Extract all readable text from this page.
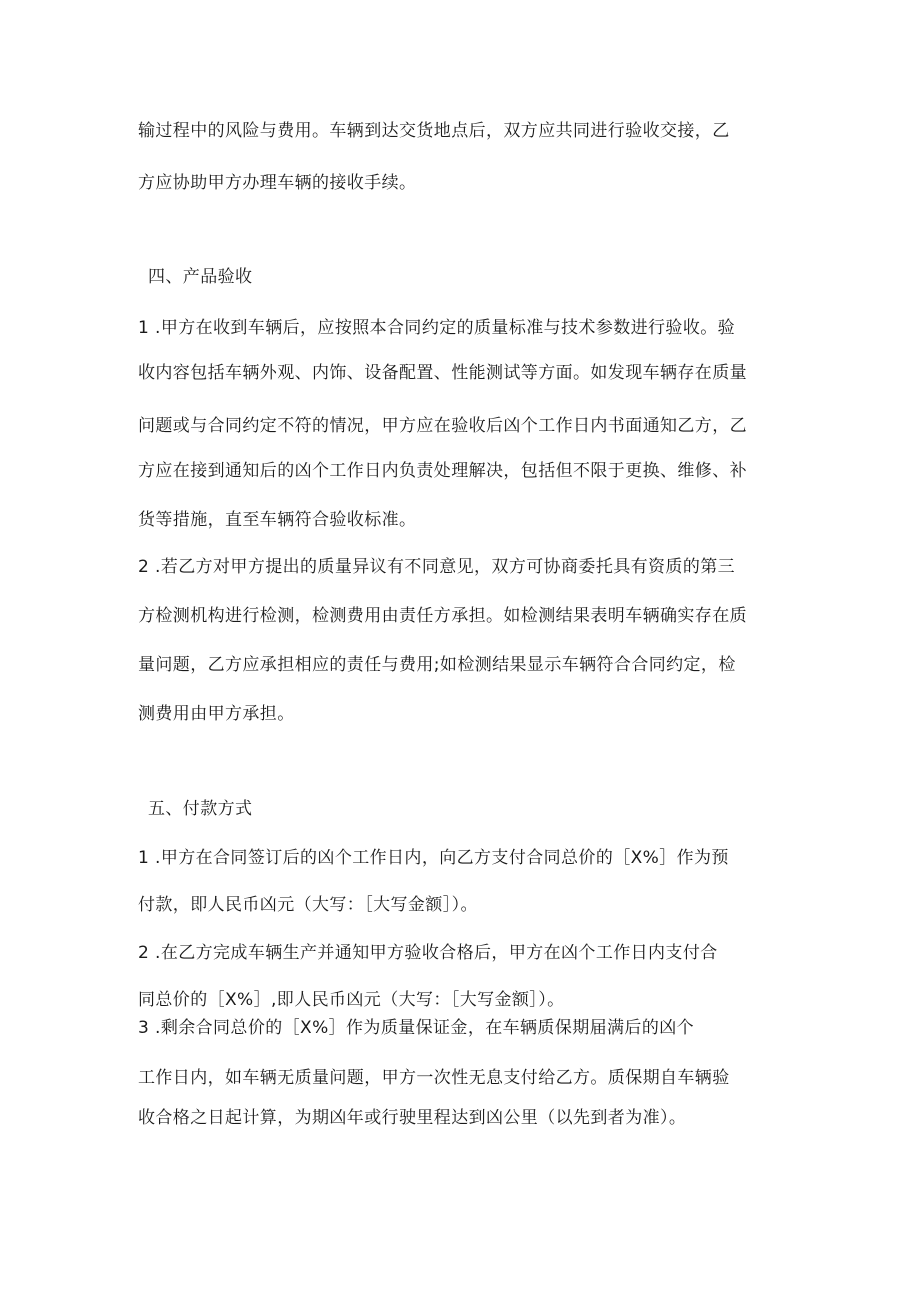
输过程中的风险与费用。车辆到达交货地点后，双方应共同进行验收交接，乙
方应协助甲方办理车辆的接收手续。
四、产品验收
1 .甲方在收到车辆后，应按照本合同约定的质量标准与技术参数进行验收。验
收内容包括车辆外观、内饰、设备配置、性能测试等方面。如发现车辆存在质量
问题或与合同约定不符的情况，甲方应在验收后凶个工作日内书面通知乙方，乙
方应在接到通知后的凶个工作日内负责处理解决，包括但不限于更换、维修、补
货等措施，直至车辆符合验收标准。
2 .若乙方对甲方提出的质量异议有不同意见，双方可协商委托具有资质的第三
方检测机构进行检测，检测费用由责任方承担。如检测结果表明车辆确实存在质
量问题，乙方应承担相应的责任与费用;如检测结果显示车辆符合合同约定，检
测费用由甲方承担。
五、付款方式
1 .甲方在合同签订后的凶个工作日内，向乙方支付合同总价的［X%］作为预
付款，即人民币凶元（大写：［大写金额］）。
2 .在乙方完成车辆生产并通知甲方验收合格后，甲方在凶个工作日内支付合
同总价的［X%］,即人民币凶元（大写：［大写金额］）。
3 .剩余合同总价的［X%］作为质量保证金，在车辆质保期届满后的凶个
工作日内，如车辆无质量问题，甲方一次性无息支付给乙方。质保期自车辆验
收合格之日起计算，为期凶年或行驶里程达到凶公里（以先到者为准）。
